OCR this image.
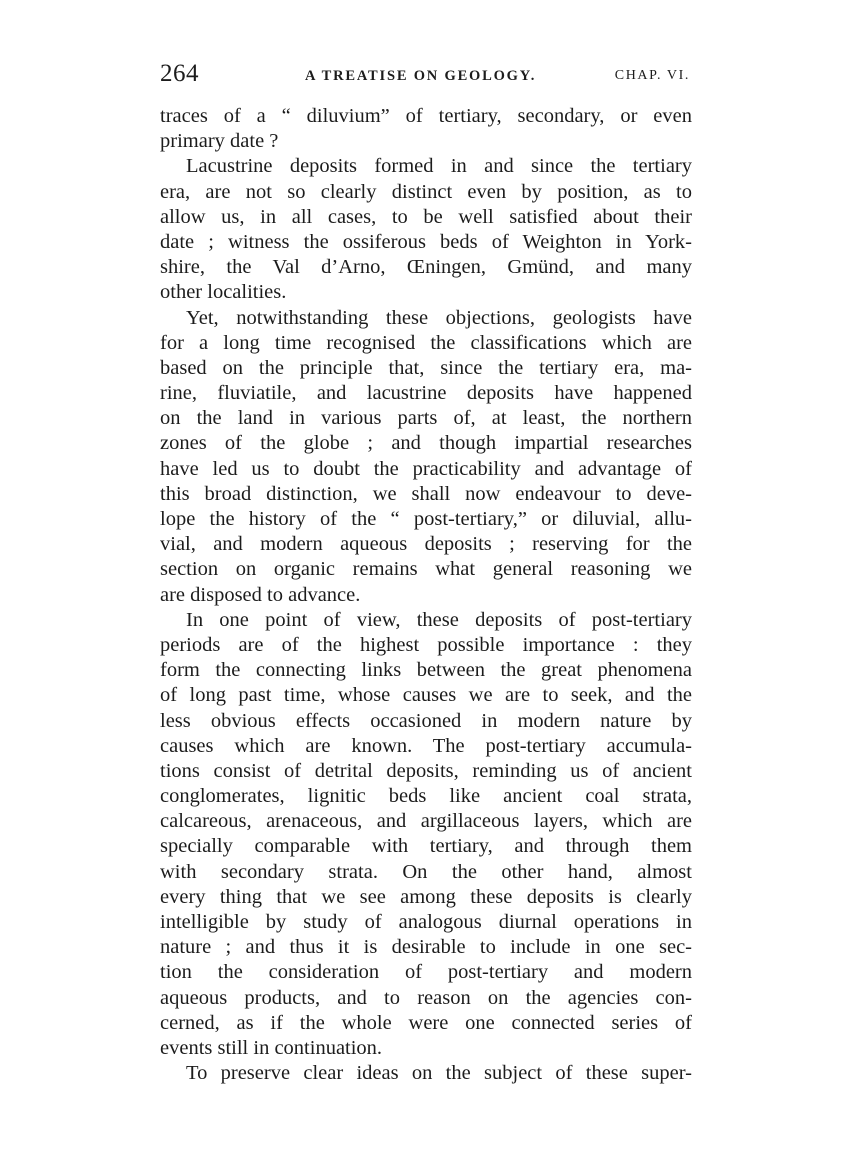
264	A TREATISE ON GEOLOGY.	CHAP. VI.
traces of a “ diluvium” of tertiary, secondary, or even
primary date ?
Lacustrine deposits formed in and since the tertiary
era, are not so clearly distinct even by position, as to
allow us, in all cases, to be well satisfied about their
date ; witness the ossiferous beds of Weighton in York-
shire, the Val d’Arno, Œningen, Gmünd, and many
other localities.
Yet, notwithstanding these objections, geologists have
for a long time recognised the classifications which are
based on the principle that, since the tertiary era, ma-
rine, fluviatile, and lacustrine deposits have happened
on the land in various parts of, at least, the northern
zones of the globe ; and though impartial researches
have led us to doubt the practicability and advantage of
this broad distinction, we shall now endeavour to deve-
lope the history of the “ post-tertiary,” or diluvial, allu-
vial, and modern aqueous deposits ; reserving for the
section on organic remains what general reasoning we
are disposed to advance.
In one point of view, these deposits of post-tertiary
periods are of the highest possible importance : they
form the connecting links between the great phenomena
of long past time, whose causes we are to seek, and the
less obvious effects occasioned in modern nature by
causes which are known. The post-tertiary accumula-
tions consist of detrital deposits, reminding us of ancient
conglomerates, lignitic beds like ancient coal strata,
calcareous, arenaceous, and argillaceous layers, which are
specially comparable with tertiary, and through them
with secondary strata. On the other hand, almost
every thing that we see among these deposits is clearly
intelligible by study of analogous diurnal operations in
nature ; and thus it is desirable to include in one sec-
tion the consideration of post-tertiary and modern
aqueous products, and to reason on the agencies con-
cerned, as if the whole were one connected series of
events still in continuation.
To preserve clear ideas on the subject of these super-
